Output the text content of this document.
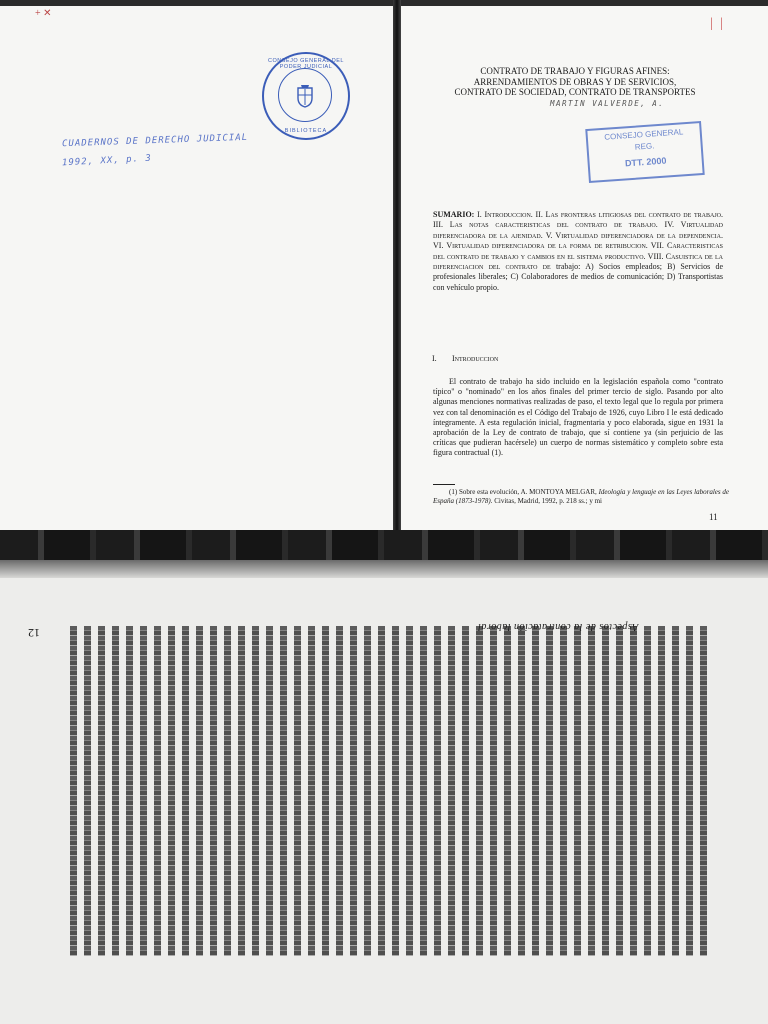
+ ✕
CONSEJO GENERAL DEL PODER JUDICIAL
BIBLIOTECA
CUADERNOS DE DERECHO JUDICIAL
1992, XX, p. 3
| |
CONTRATO DE TRABAJO Y FIGURAS AFINES:
ARRENDAMIENTOS DE OBRAS Y DE SERVICIOS,
CONTRATO DE SOCIEDAD, CONTRATO DE TRANSPORTES
MARTIN VALVERDE, A.
CONSEJO GENERAL
REG.
DTT. 2000
SUMARIO: I. Introduccion. II. Las fronteras litigiosas del contrato de trabajo. III. Las notas caracteristicas del contrato de trabajo. IV. Virtualidad diferenciadora de la ajenidad. V. Virtualidad diferenciadora de la dependencia. VI. Virtualidad diferenciadora de la forma de retribucion. VII. Caracteristicas del contrato de trabajo y cambios en el sistema productivo. VIII. Casuistica de la diferenciacion del contrato de trabajo: A) Socios empleados; B) Servicios de profesionales liberales; C) Colaboradores de medios de comunicación; D) Transportistas con vehículo propio.
I. Introduccion
El contrato de trabajo ha sido incluido en la legislación española como "contrato típico" o "nominado" en los años finales del primer tercio de siglo. Pasando por alto algunas menciones normativas realizadas de paso, el texto legal que lo regula por primera vez con tal denominación es el Código del Trabajo de 1926, cuyo Libro I le está dedicado íntegramente. A esta regulación inicial, fragmentaria y poco elaborada, sigue en 1931 la aprobación de la Ley de contrato de trabajo, que sí contiene ya (sin perjuicio de las críticas que pudieran hacérsele) un cuerpo de normas sistemático y completo sobre esta figura contractual (1).
(1) Sobre esta evolución, A. MONTOYA MELGAR, Ideología y lenguaje en las Leyes laborales de España (1873-1978). Civitas, Madrid, 1992, p. 218 ss.; y mi
11
Aspectos de la contratación laboral
12
